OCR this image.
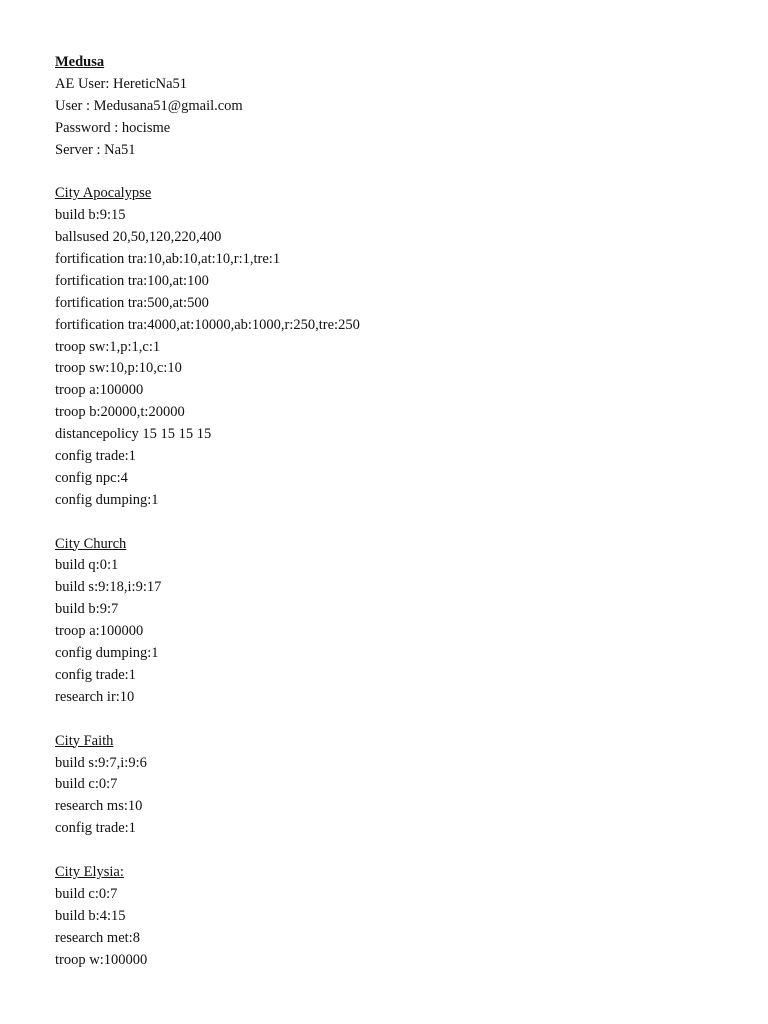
Medusa
AE User: HereticNa51
User : Medusana51@gmail.com
Password : hocisme
Server : Na51
City Apocalypse
build b:9:15
ballsused 20,50,120,220,400
fortification tra:10,ab:10,at:10,r:1,tre:1
fortification tra:100,at:100
fortification tra:500,at:500
fortification tra:4000,at:10000,ab:1000,r:250,tre:250
troop sw:1,p:1,c:1
troop sw:10,p:10,c:10
troop a:100000
troop b:20000,t:20000
distancepolicy 15 15 15 15
config trade:1
config npc:4
config dumping:1
City Church
build q:0:1
build s:9:18,i:9:17
build b:9:7
troop a:100000
config dumping:1
config trade:1
research ir:10
City Faith
build s:9:7,i:9:6
build c:0:7
research ms:10
config trade:1
City Elysia:
build c:0:7
build b:4:15
research met:8
troop w:100000
